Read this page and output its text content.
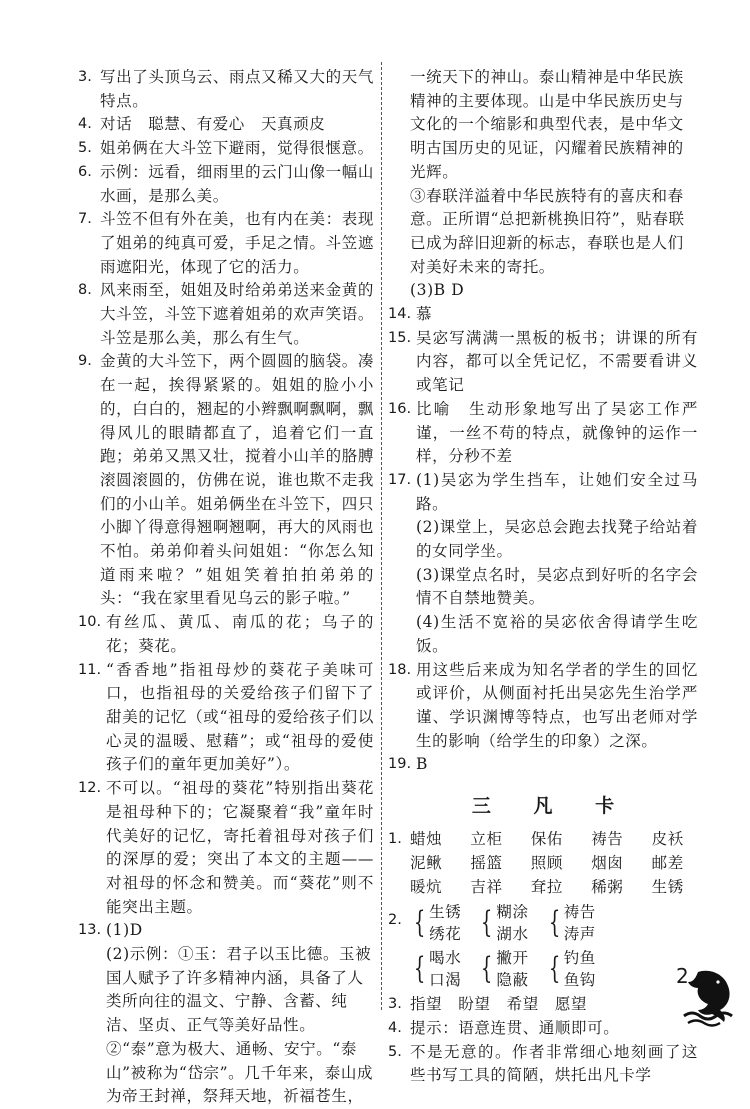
3. 写出了头顶乌云、雨点又稀又大的天气特点。
4. 对话　聪慧、有爱心　天真顽皮
5. 姐弟俩在大斗笠下避雨，觉得很惬意。
6. 示例：远看，细雨里的云门山像一幅山水画，是那么美。
7. 斗笠不但有外在美，也有内在美：表现了姐弟的纯真可爱，手足之情。斗笠遮雨遮阳光，体现了它的活力。
8. 风来雨至，姐姐及时给弟弟送来金黄的大斗笠，斗笠下遮着姐弟的欢声笑语。斗笠是那么美，那么有生气。
9. 金黄的大斗笠下，两个圆圆的脑袋。凑在一起，挨得紧紧的。姐姐的脸小小的，白白的，翘起的小辫飘啊飘啊，飘得风儿的眼睛都直了，追着它们一直跑；弟弟又黑又壮，搅着小山羊的胳膊滚圆滚圆的，仿佛在说，谁也欺不走我们的小山羊。姐弟俩坐在斗笠下，四只小脚丫得意得翘啊翘啊，再大的风雨也不怕。弟弟仰着头问姐姐：“你怎么知道雨来啦？”姐姐笑着拍拍弟弟的头：“我在家里看见乌云的影子啦。”
10. 有丝瓜、黄瓜、南瓜的花；乌子的花；葵花。
11. “香香地”指祖母炒的葵花子美味可口，也指祖母的关爱给孩子们留下了甜美的记忆（或“祖母的爱给孩子们以心灵的温暖、慰藉”；或“祖母的爱使孩子们的童年更加美好”）。
12. 不可以。“祖母的葵花”特别指出葵花是祖母种下的；它凝聚着“我”童年时代美好的记忆，寄托着祖母对孩子们的深厚的爱；突出了本文的主题——对祖母的怀念和赞美。而“葵花”则不能突出主题。
13. (1)D
(2)示例：①玉：君子以玉比德。玉被国人赋予了许多精神内涵，具备了人类所向往的温文、宁静、含蓄、纯洁、坚贞、正气等美好品性。
②“泰”意为极大、通畅、安宁。“泰山”被称为“岱宗”。几千年来，泰山成为帝王封禅，祭拜天地，祈福苍生，
一统天下的神山。泰山精神是中华民族精神的主要体现。山是中华民族历史与文化的一个缩影和典型代表，是中华文明古国历史的见证，闪耀着民族精神的光辉。
③春联洋溢着中华民族特有的喜庆和春意。正所谓“总把新桃换旧符”，贴春联已成为辞旧迎新的标志，春联也是人们对美好未来的寄托。
(3)B D
14. 慕
15. 吴宓写满满一黑板的板书；讲课的所有内容，都可以全凭记忆，不需要看讲义或笔记
16. 比喻　生动形象地写出了吴宓工作严谨，一丝不苟的特点，就像钟的运作一样，分秒不差
17. (1)吴宓为学生挡车，让她们安全过马路。
(2)课堂上，吴宓总会跑去找凳子给站着的女同学坐。
(3)课堂点名时，吴宓点到好听的名字会情不自禁地赞美。
(4)生活不宽裕的吴宓依舍得请学生吃饭。
18. 用这些后来成为知名学者的学生的回忆或评价，从侧面衬托出吴宓先生治学严谨、学识渊博等特点，也写出老师对学生的影响（给学生的印象）之深。
19. B
三 凡 卡
1. 蜡烛	立柜	保佑	祷告	皮袄
泥鳅	摇篮	照顾	烟囱	邮差
暖炕	吉祥	耷拉	稀粥	生锈
2. { 生锈
绣花 { 糊涂
湖水 { 祷告
涛声
{ 喝水
口渴 { 撇开
隐蔽 { 钓鱼
鱼钩
3. 指望　盼望　希望　愿望
4. 提示：语意连贯、通顺即可。
5. 不是无意的。作者非常细心地刻画了这些书写工具的简陋，烘托出凡卡学
2
